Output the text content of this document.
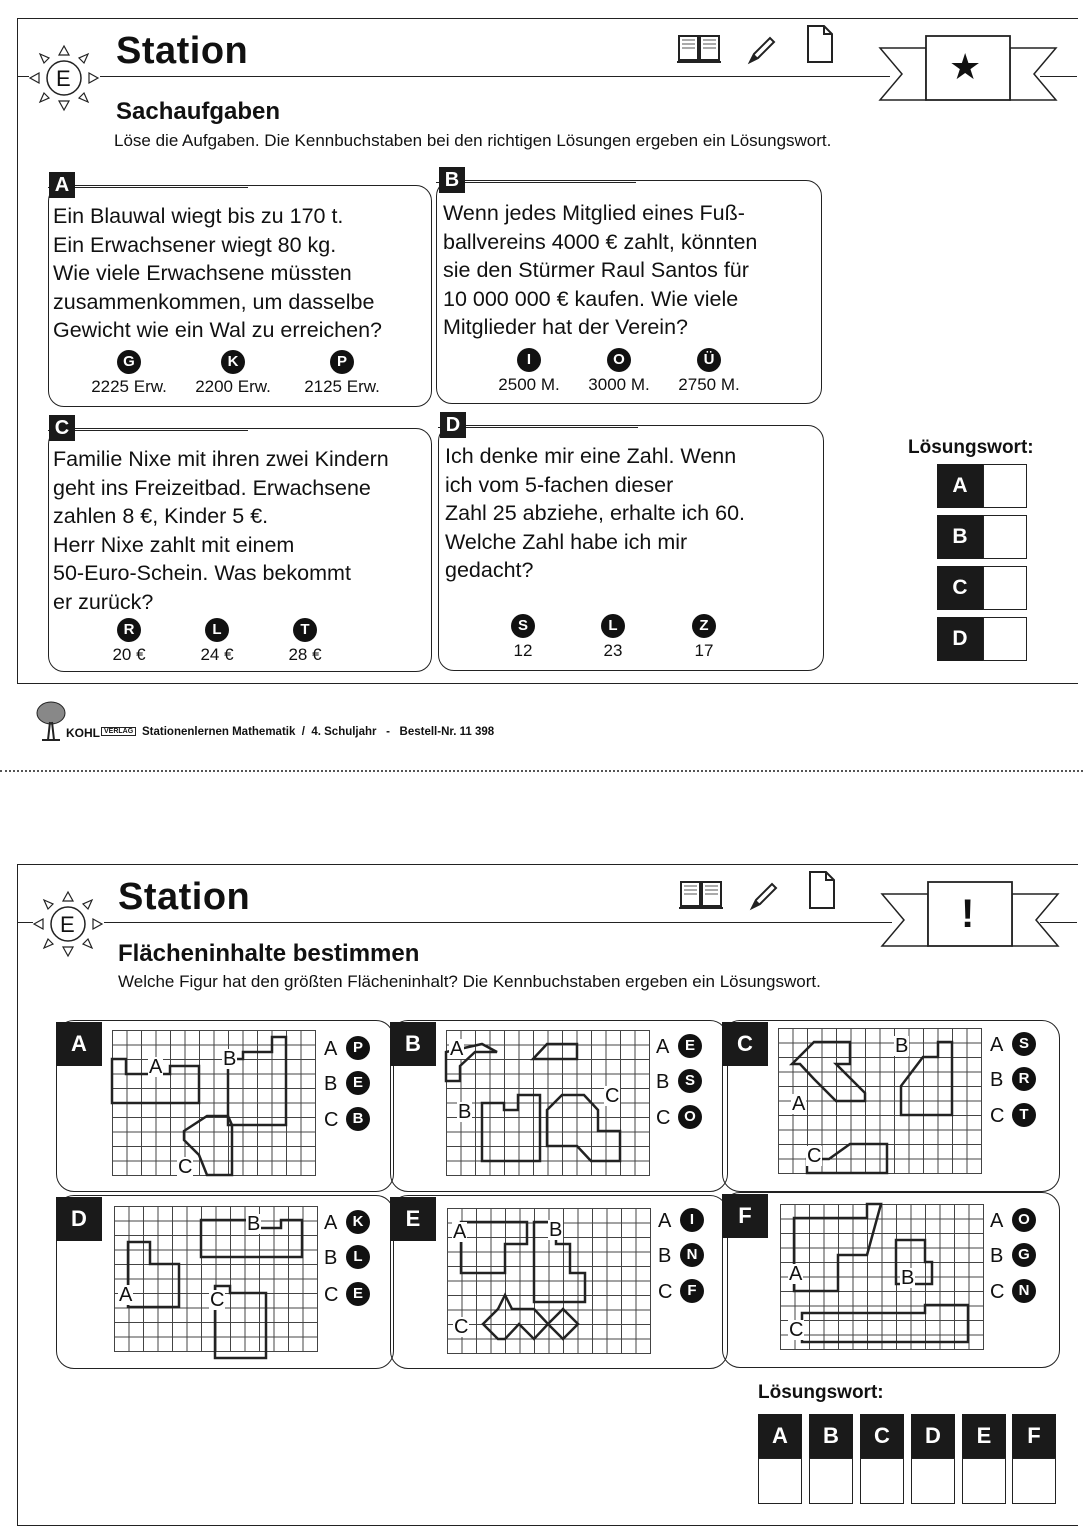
E
Station	★
Sachaufgaben
Löse die Aufgaben. Die Kennbuchstaben bei den richtigen Lösungen ergeben ein Lösungswort.
A
Ein Blauwal wiegt bis zu 170 t.
Ein Erwachsener wiegt 80 kg.
Wie viele Erwachsene müssten
zusammenkommen, um dasselbe
Gewicht wie ein Wal zu erreichen?
G
2225 Erw.
K
2200 Erw.
P
2125 Erw.
B
Wenn jedes Mitglied eines Fuß-
ballvereins 4000 € zahlt, könnten
sie den Stürmer Raul Santos für
10 000 000 € kaufen. Wie viele
Mitglieder hat der Verein?
I
2500 M.
O
3000 M.
Ü
2750 M.
C
Familie Nixe mit ihren zwei Kindern
geht ins Freizeitbad. Erwachsene
zahlen 8 €, Kinder 5 €.
Herr Nixe zahlt mit einem
50-Euro-Schein. Was bekommt
er zurück?
R
20 €
L
24 €
T
28 €
D
Ich denke mir eine Zahl. Wenn
ich vom 5-fachen dieser
Zahl 25 abziehe, erhalte ich 60.
Welche Zahl habe ich mir
gedacht?
S
12
L
23
Z
17
Lösungswort:
A
B
C
D
KOHL VERLAG Stationenlernen Mathematik  /  4. Schuljahr   -   Bestell-Nr. 11 398
E
Station	!
Flächeninhalte bestimmen
Welche Figur hat den größten Flächeninhalt? Die Kennbuchstaben ergeben ein Lösungswort.
A
A	B
C
A	P
B	E
C B
B	A
B
C
A	E
B	S
C O
C
A
B
C
A	S
B	R
C T
D
A
B
C
A	K
B	L
C E
E
A	B
C
A	I
B	N
C F
F
A	B
C
A O
B G
C N
Lösungswort:
A	B	C	D	E	F
